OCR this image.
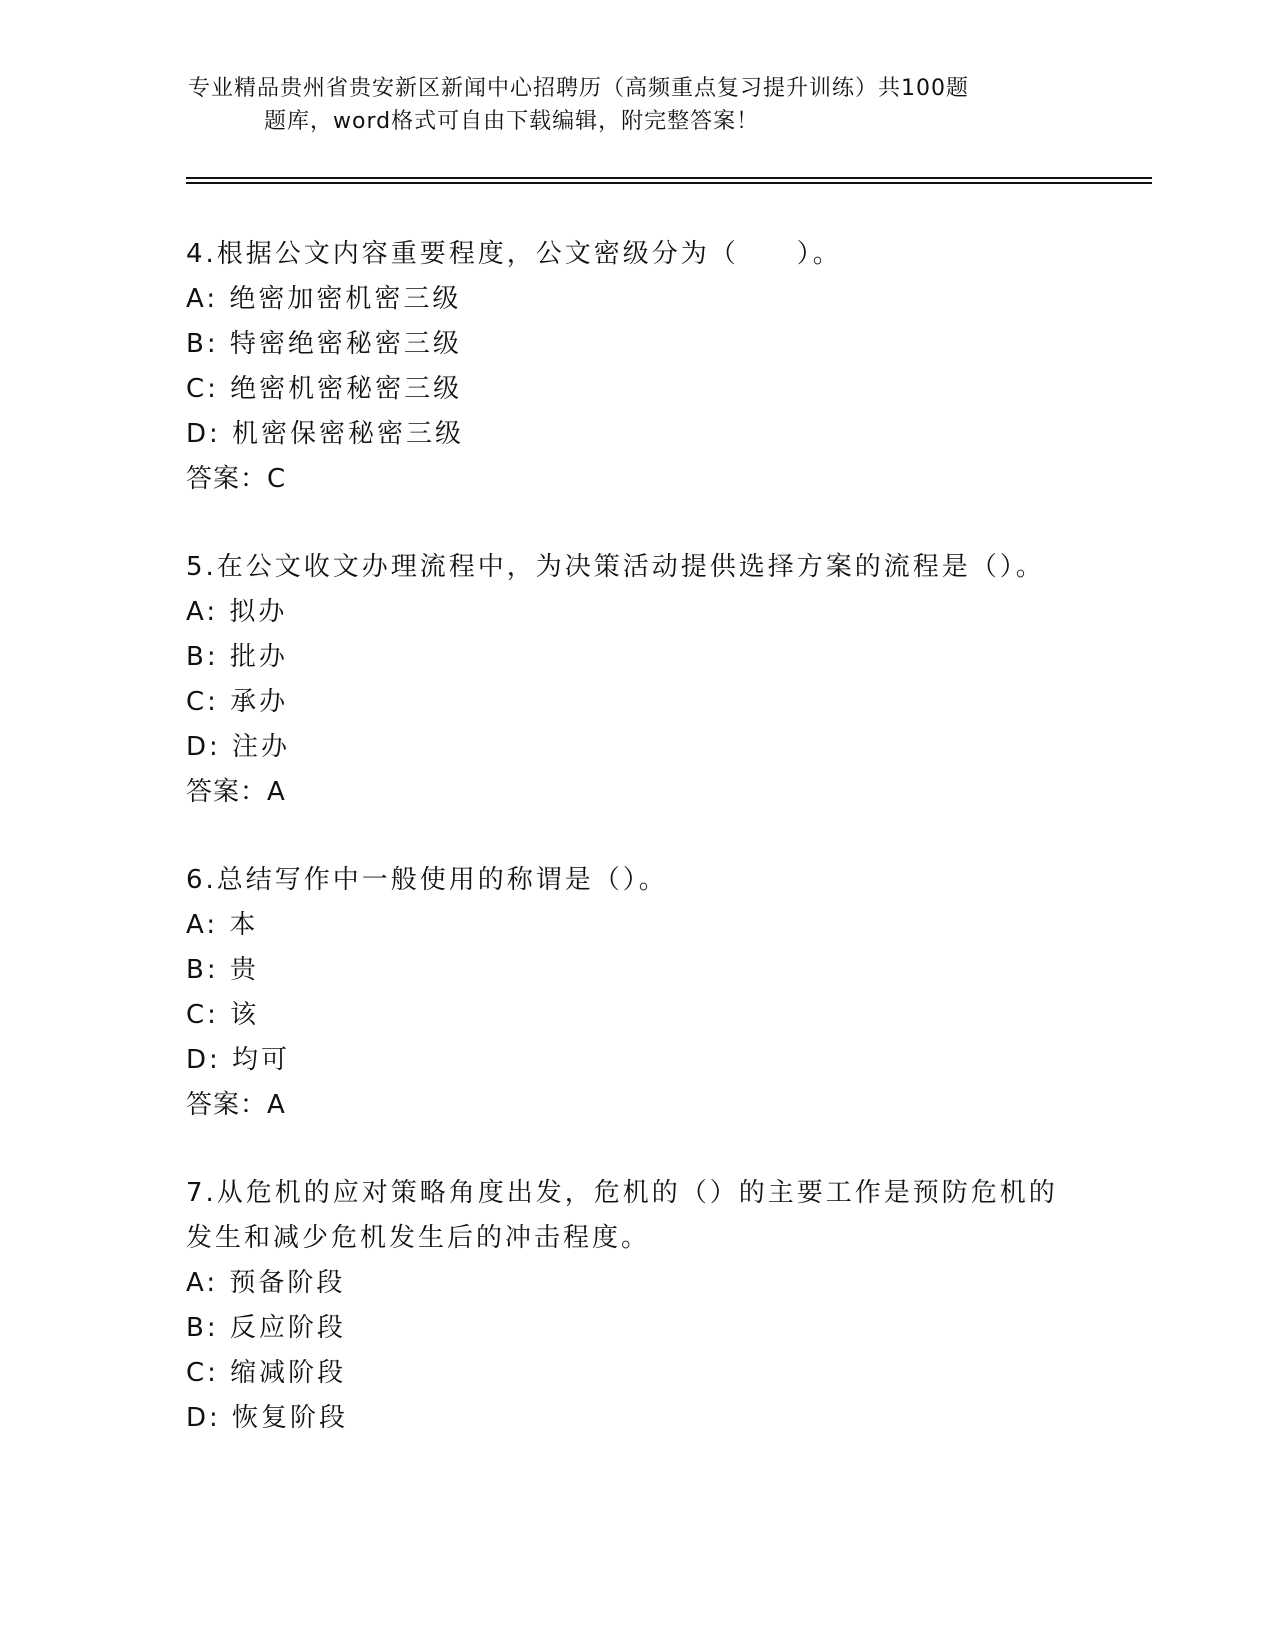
专业精品贵州省贵安新区新闻中心招聘历（高频重点复习提升训练）共100题
题库，word格式可自由下载编辑，附完整答案！
4.根据公文内容重要程度，公文密级分为（　　）。
A: 绝密加密机密三级
B: 特密绝密秘密三级
C: 绝密机密秘密三级
D: 机密保密秘密三级
答案：C
5.在公文收文办理流程中，为决策活动提供选择方案的流程是（）。
A: 拟办
B: 批办
C: 承办
D: 注办
答案：A
6.总结写作中一般使用的称谓是（）。
A: 本
B: 贵
C: 该
D: 均可
答案：A
7.从危机的应对策略角度出发，危机的（）的主要工作是预防危机的
发生和减少危机发生后的冲击程度。
A: 预备阶段
B: 反应阶段
C: 缩减阶段
D: 恢复阶段
